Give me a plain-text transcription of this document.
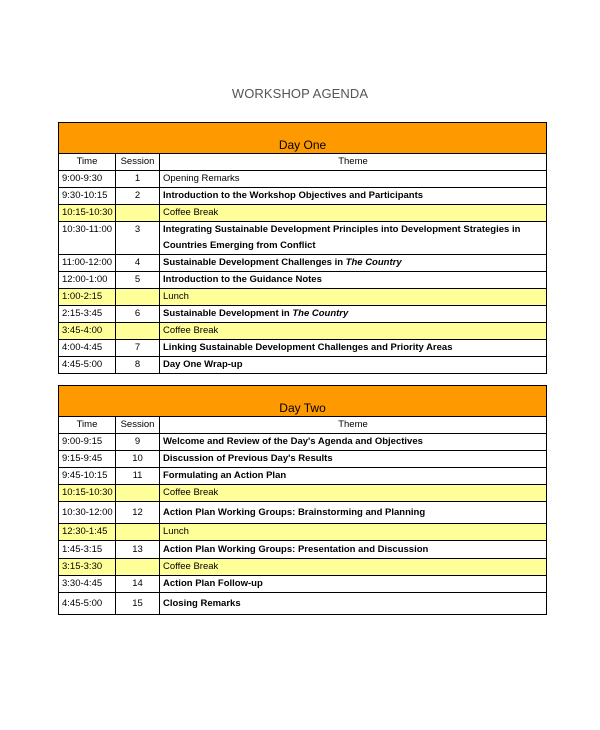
WORKSHOP AGENDA
Day One		
Time	Session	Theme
9:00-9:30	1	Opening Remarks
9:30-10:15	2	Introduction to the Workshop Objectives and Participants
10:15-10:30		Coffee Break
10:30-11:00	3	Integrating Sustainable Development Principles into Development Strategies in Countries Emerging from Conflict
11:00-12:00	4	Sustainable Development Challenges in The Country
12:00-1:00	5	Introduction to the Guidance Notes
1:00-2:15		Lunch
2:15-3:45	6	Sustainable Development in The Country
3:45-4:00		Coffee Break
4:00-4:45	7	Linking Sustainable Development Challenges and Priority Areas
4:45-5:00	8	Day One Wrap-up
Day Two		
Time	Session	Theme
9:00-9:15	9	Welcome and Review of the Day's Agenda and Objectives
9:15-9:45	10	Discussion of Previous Day's Results
9:45-10:15	11	Formulating an Action Plan
10:15-10:30		Coffee Break
10:30-12:00	12	Action Plan Working Groups: Brainstorming and Planning
12:30-1:45		Lunch
1:45-3:15	13	Action Plan Working Groups: Presentation and Discussion
3:15-3:30		Coffee Break
3:30-4:45	14	Action Plan Follow-up
4:45-5:00	15	Closing Remarks
